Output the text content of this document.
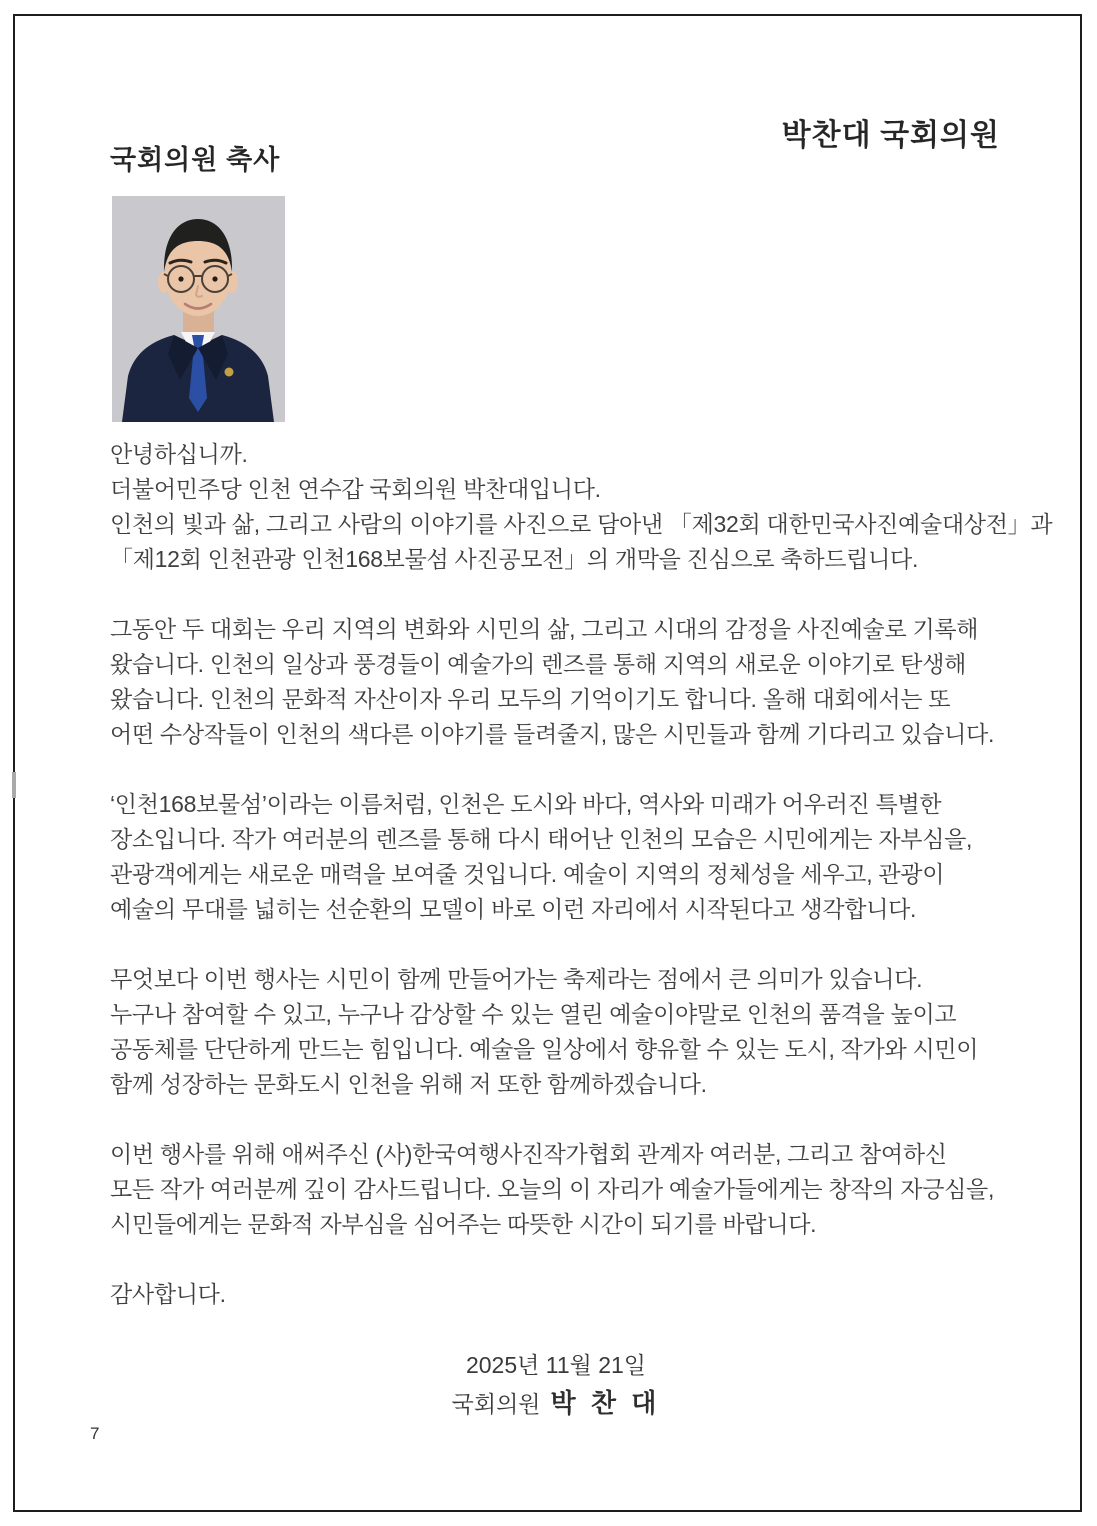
박찬대 국회의원
국회의원 축사
안녕하십니까.
더불어민주당 인천 연수갑 국회의원 박찬대입니다.
인천의 빛과 삶, 그리고 사람의 이야기를 사진으로 담아낸 「제32회 대한민국사진예술대상전」과
「제12회 인천관광 인천168보물섬 사진공모전」의 개막을 진심으로 축하드립니다.
그동안 두 대회는 우리 지역의 변화와 시민의 삶, 그리고 시대의 감정을 사진예술로 기록해
왔습니다. 인천의 일상과 풍경들이 예술가의 렌즈를 통해 지역의 새로운 이야기로 탄생해
왔습니다. 인천의 문화적 자산이자 우리 모두의 기억이기도 합니다. 올해 대회에서는 또
어떤 수상작들이 인천의 색다른 이야기를 들려줄지, 많은 시민들과 함께 기다리고 있습니다.
‘인천168보물섬’이라는 이름처럼, 인천은 도시와 바다, 역사와 미래가 어우러진 특별한
장소입니다. 작가 여러분의 렌즈를 통해 다시 태어난 인천의 모습은 시민에게는 자부심을,
관광객에게는 새로운 매력을 보여줄 것입니다. 예술이 지역의 정체성을 세우고, 관광이
예술의 무대를 넓히는 선순환의 모델이 바로 이런 자리에서 시작된다고 생각합니다.
무엇보다 이번 행사는 시민이 함께 만들어가는 축제라는 점에서 큰 의미가 있습니다.
누구나 참여할 수 있고, 누구나 감상할 수 있는 열린 예술이야말로 인천의 품격을 높이고
공동체를 단단하게 만드는 힘입니다. 예술을 일상에서 향유할 수 있는 도시, 작가와 시민이
함께 성장하는 문화도시 인천을 위해 저 또한 함께하겠습니다.
이번 행사를 위해 애써주신 (사)한국여행사진작가협회 관계자 여러분, 그리고 참여하신
모든 작가 여러분께 깊이 감사드립니다. 오늘의 이 자리가 예술가들에게는 창작의 자긍심을,
시민들에게는 문화적 자부심을 심어주는 따뜻한 시간이 되기를 바랍니다.
감사합니다.
2025년 11월 21일
국회의원 박 찬 대
7
